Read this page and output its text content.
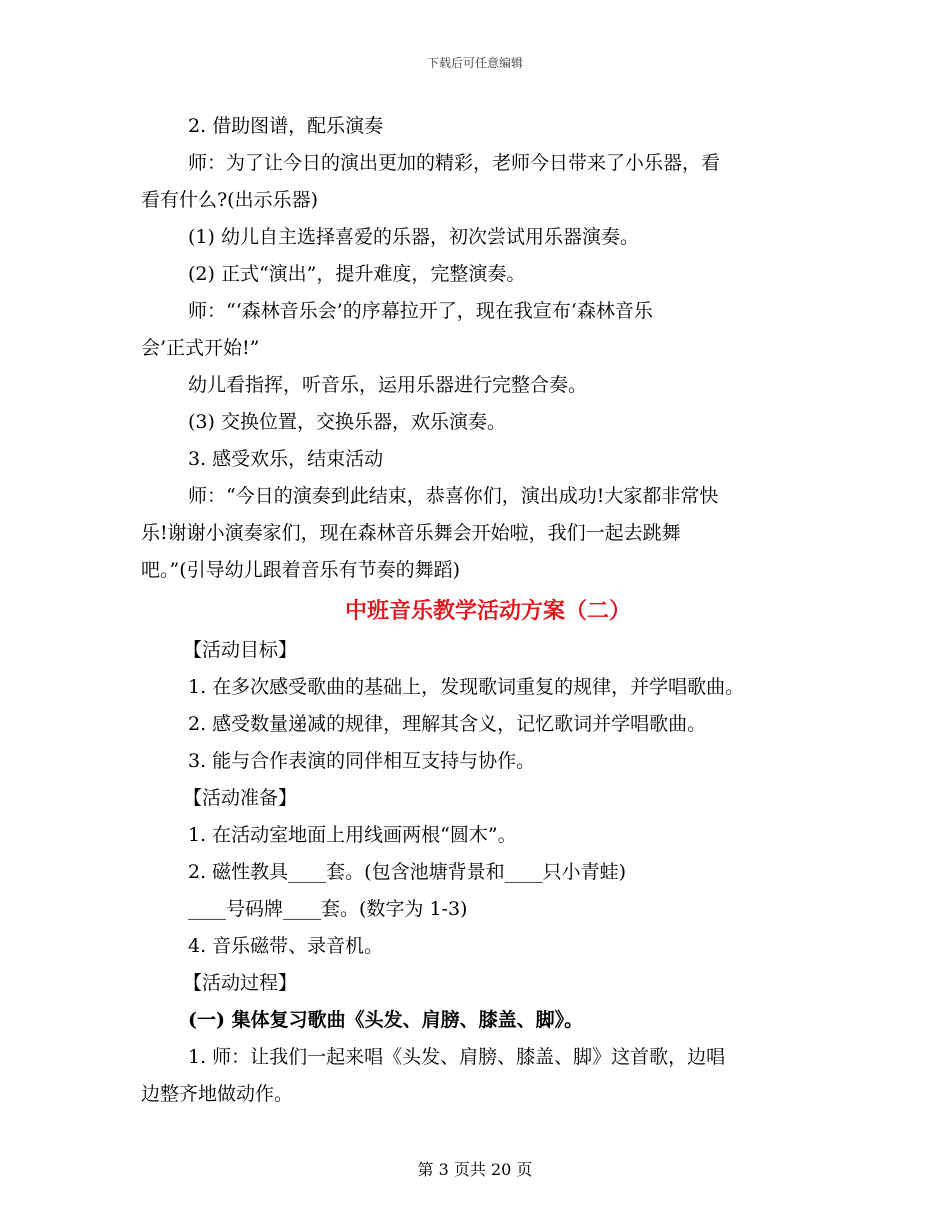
下载后可任意编辑

2. 借助图谱，配乐演奏

师：为了让今日的演出更加的精彩，老师今日带来了小乐器，看

看有什么?(出示乐器)

(1) 幼儿自主选择喜爱的乐器，初次尝试用乐器演奏。

(2) 正式“演出”，提升难度，完整演奏。

师：“‘森林音乐会’的序幕拉开了，现在我宣布‘森林音乐

会’正式开始!”

幼儿看指挥，听音乐，运用乐器进行完整合奏。

(3) 交换位置，交换乐器，欢乐演奏。

3. 感受欢乐，结束活动

师：“今日的演奏到此结束，恭喜你们，演出成功!大家都非常快

乐!谢谢小演奏家们，现在森林音乐舞会开始啦，我们一起去跳舞

吧。”(引导幼儿跟着音乐有节奏的舞蹈)

中班音乐教学活动方案（二）

【活动目标】

1. 在多次感受歌曲的基础上，发现歌词重复的规律，并学唱歌曲。

2. 感受数量递减的规律，理解其含义，记忆歌词并学唱歌曲。

3. 能与合作表演的同伴相互支持与协作。

【活动准备】

1. 在活动室地面上用线画两根“圆木”。

2. 磁性教具____套。(包含池塘背景和____只小青蛙)

____号码牌____套。(数字为 1-3)

4. 音乐磁带、录音机。

【活动过程】

(一) 集体复习歌曲《头发、肩膀、膝盖、脚》。

1. 师：让我们一起来唱《头发、肩膀、膝盖、脚》这首歌，边唱

边整齐地做动作。

第 3 页共 20 页
